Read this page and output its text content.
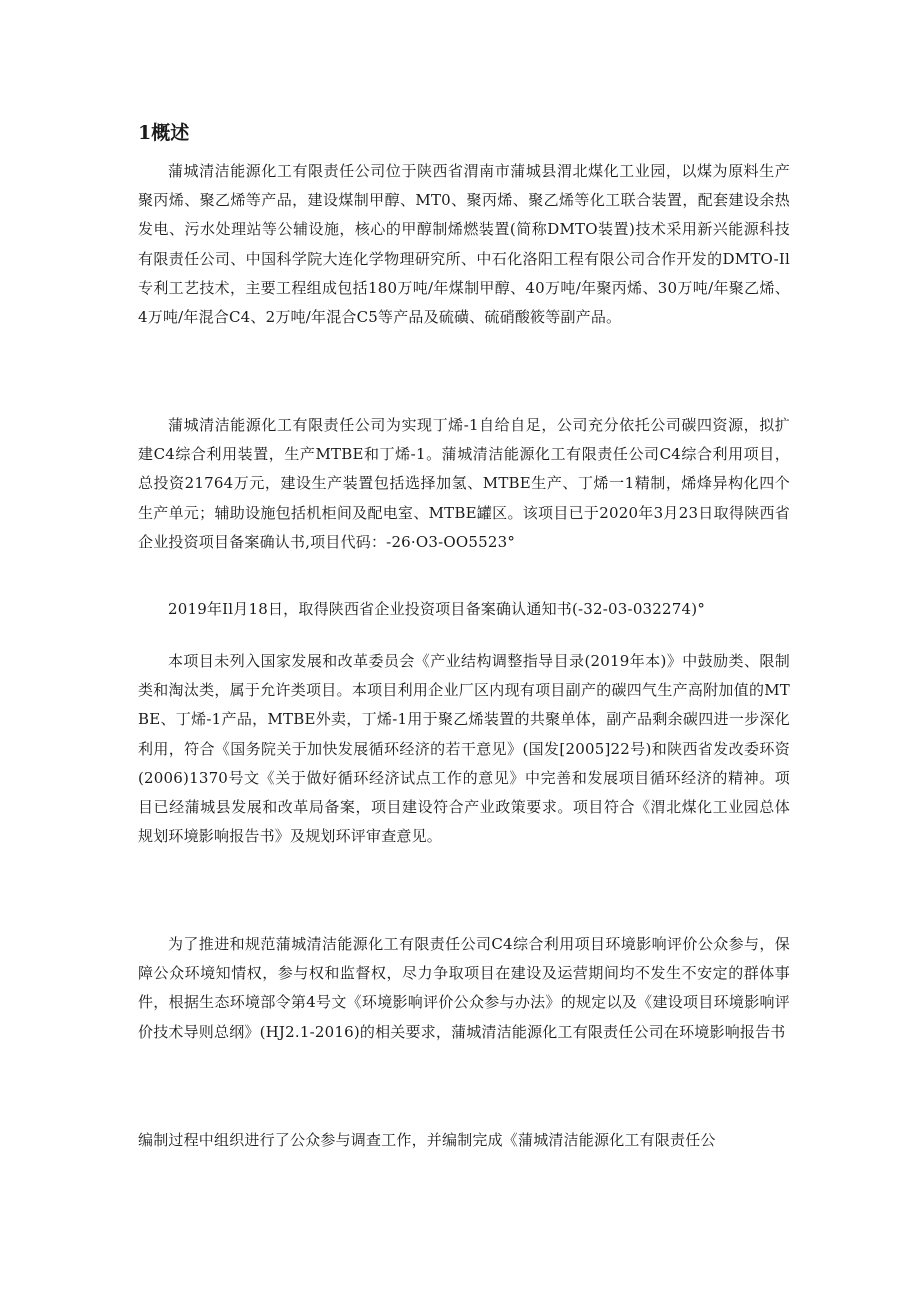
1概述

蒲城清洁能源化工有限责任公司位于陕西省渭南市蒲城县渭北煤化工业园，以煤为原料生产聚丙烯、聚乙烯等产品，建设煤制甲醇、MT0、聚丙烯、聚乙烯等化工联合装置，配套建设余热发电、污水处理站等公辅设施，核心的甲醇制烯燃装置(简称DMTO装置)技术采用新兴能源科技有限责任公司、中国科学院大连化学物理研究所、中石化洛阳工程有限公司合作开发的DMTO-Il专利工艺技术，主要工程组成包括180万吨/年煤制甲醇、40万吨/年聚丙烯、30万吨/年聚乙烯、4万吨/年混合C4、2万吨/年混合C5等产品及硫磺、硫硝酸筱等副产品。

蒲城清洁能源化工有限责任公司为实现丁烯-1自给自足，公司充分依托公司碳四资源，拟扩建C4综合利用装置，生产MTBE和丁烯-1。蒲城清洁能源化工有限责任公司C4综合利用项目，总投资21764万元，建设生产装置包括选择加氢、MTBE生产、丁烯一1精制，烯烽异构化四个生产单元；辅助设施包括机柜间及配电室、MTBE罐区。该项目已于2020年3月23日取得陕西省企业投资项目备案确认书,项目代码：-26·O3-OO5523°

2019年Il月18日，取得陕西省企业投资项目备案确认通知书(-32-03-032274)°

本项目未列入国家发展和改革委员会《产业结构调整指导目录(2019年本)》中鼓励类、限制类和淘汰类，属于允许类项目。本项目利用企业厂区内现有项目副产的碳四气生产高附加值的MTBE、丁烯-1产品，MTBE外卖，丁烯-1用于聚乙烯装置的共聚单体，副产品剩余碳四进一步深化利用，符合《国务院关于加快发展循环经济的若干意见》(国发[2005]22号)和陕西省发改委环资(2006)1370号文《关于做好循环经济试点工作的意见》中完善和发展项目循环经济的精神。项目已经蒲城县发展和改革局备案，项目建设符合产业政策要求。项目符合《渭北煤化工业园总体规划环境影响报告书》及规划环评审查意见。

为了推进和规范蒲城清洁能源化工有限责任公司C4综合利用项目环境影响评价公众参与，保障公众环境知情权，参与权和监督权，尽力争取项目在建设及运营期间均不发生不安定的群体事件，根据生态环境部令第4号文《环境影响评价公众参与办法》的规定以及《建设项目环境影响评价技术导则总纲》(HJ2.1-2016)的相关要求，蒲城清洁能源化工有限责任公司在环境影响报告书

编制过程中组织进行了公众参与调查工作，并编制完成《蒲城清洁能源化工有限责任公
